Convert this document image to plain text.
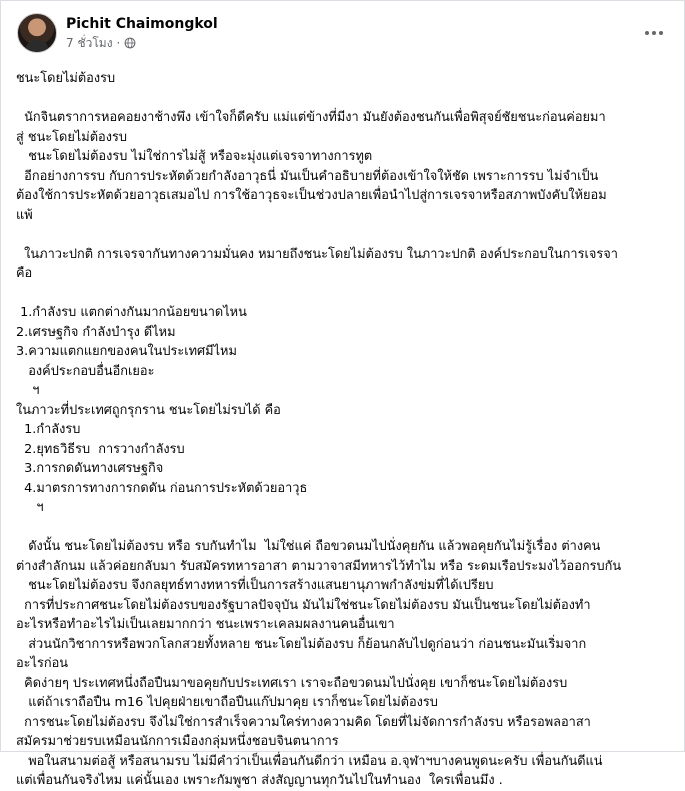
Pichit Chaimongkol
7 ชั่วโมง ·

ชนะโดยไม่ต้องรบ

นักจินตราการหอคอยงาช้างพึง เข้าใจก็ดีครับ แม่แต่ข้างที่มีงา มันยังต้องชนกันเพื่อพิสุจย์ชัยชนะก่อนค่อยมา

สู่ ชนะโดยไม่ต้องรบ

ชนะโดยไม่ต้องรบ ไม่ใช่การไม่สู้ หรือจะมุ่งแต่เจรจาทางการทูต

อีกอย่างการรบ กับการประหัตด้วยกำลังอาวุธนี่ มันเป็นคำอธิบายที่ต้องเข้าใจให้ชัด เพราะการรบ ไม่จำเป็น

ต้องใช้การประหัตด้วยอาวุธเสมอไป การใช้อาวุธจะเป็นช่วงปลายเพื่อนำไปสู่การเจรจาหรือสภาพบังคับให้ยอม

แพ้

ในภาวะปกติ การเจรจากันทางความมั่นคง หมายถึงชนะโดยไม่ต้องรบ ในภาวะปกติ องค์ประกอบในการเจรจา

คือ

1.กำลังรบ แตกต่างกันมากน้อยขนาดไหน

2.เศรษฐกิจ กำลังบำรุง ดีไหม

3.ความแตกแยกของคนในประเทศมีไหม

องค์ประกอบอื่นอีกเยอะ

ฯ

ในภาวะที่ประเทศถูกรุกราน ชนะโดยไม่รบได้ คือ

1.กำลังรบ

2.ยุทธวิธีรบ  การวางกำลังรบ

3.การกดดันทางเศรษฐกิจ

4.มาตรการทางการกดดัน ก่อนการประหัตด้วยอาวุธ

ฯ

ดังนั้น ชนะโดยไม่ต้องรบ หรือ รบกันทำไม  ไม่ใช่แค่ ถือขวดนมไปนั่งคุยกัน แล้วพอคุยกันไม่รู้เรื่อง ต่างคน

ต่างสำลักนม แล้วค่อยกลับมา รับสมัครทหารอาสา ตามวาจาสมีทหารไว้ทำไม หรือ ระดมเรือประมงไว้ออกรบกัน

ชนะโดยไม่ต้องรบ จึงกลยุทธ์ทางทหารที่เป็นการสร้างแสนยานุภาพกำลังข่มที่ได้เปรียบ

การที่ประกาศชนะโดยไม่ต้องรบของรัฐบาลปัจจุบัน มันไม่ใช่ชนะโดยไม่ต้องรบ มันเป็นชนะโดยไม่ต้องทำ

อะไรหรือทำอะไรไม่เป็นเลยมากกว่า ชนะเพราะเคลมผลงานคนอื่นเขา

ส่วนนักวิชาการหรือพวกโลกสวยทั้งหลาย ชนะโดยไม่ต้องรบ ก็ย้อนกลับไปดูก่อนว่า ก่อนชนะมันเริ่มจาก

อะไรก่อน

คิดง่ายๆ ประเทศหนึ่งถือปืนมาขอคุยกับประเทศเรา เราจะถือขวดนมไปนั่งคุย เขาก็ชนะโดยไม่ต้องรบ

แต่ถ้าเราถือปืน m16 ไปคุยฝ่ายเขาถือปืนแก๊ปมาคุย เราก็ชนะโดยไม่ต้องรบ

การชนะโดยไม่ต้องรบ จึงไม่ใช่การสำเร็จความใคร่ทางความคิด โดยที่ไม่จัดการกำลังรบ หรือรอพลอาสา

สมัครมาช่วยรบเหมือนนักการเมืองกลุ่มหนึ่งชอบจินตนาการ

พอในสนามต่อสู้ หรือสนามรบ ไม่มีคำว่าเป็นเพื่อนกันดีกว่า เหมือน อ.จุฬาฯบางคนพูดนะครับ เพื่อนกันดีแน่

แต่เพื่อนกันจริงไหม แค่นั้นเอง เพราะกัมพูชา ส่งสัญญานทุกวันไปในทำนอง  ใครเพื่อนมึง .
